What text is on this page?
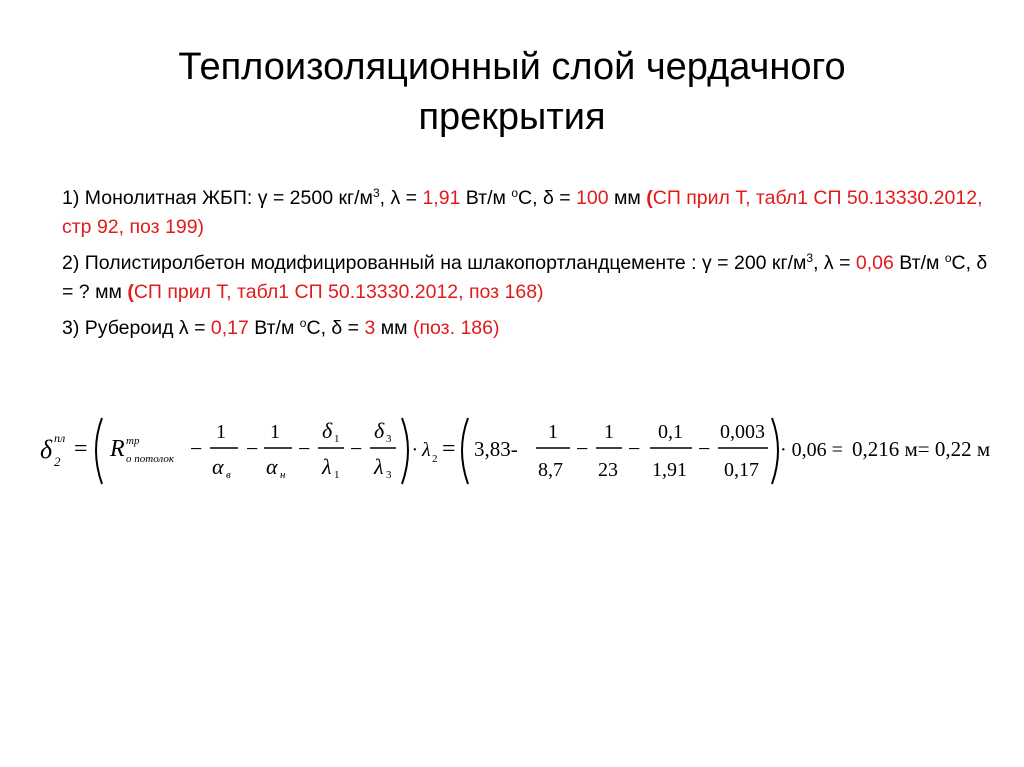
Теплоизоляционный слой чердачного
прекрытия
1) Монолитная ЖБП: γ = 2500 $кг/м^3$, λ = 1,91 Вт/м $^о$С, δ = 100 мм (СП прил Т, табл1 СП 50.13330.2012, стр 92, поз 199)
2) Полистиролбетон модифицированный на шлакопортландцементе : γ = 200 $кг/м^3$, λ = 0,06 Вт/м $^о$С, δ = ? мм (СП прил Т, табл1 СП 50.13330.2012, поз 168)
3) Рубероид λ = 0,17 Вт/м $^о$С, δ = 3 мм (поз. 186)
δ 2
пл = R тр
о потолок −
1
α в
−
1
α н
−
δ 1
λ 1
−
δ 3
λ 3
· λ 2 = 3,83-
1
8,7
−
1
23
−
0,1
1,91
−
0,003
0,17
· 0,06 = 0,216 м= 0,22 м
